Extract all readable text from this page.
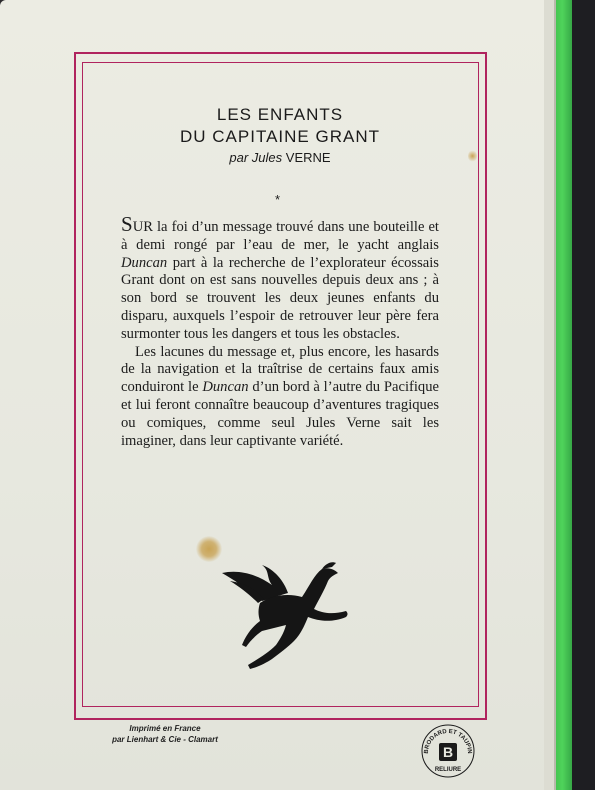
LES ENFANTS
DU CAPITAINE GRANT
par Jules VERNE
*

SUR la foi d’un message trouvé dans une bouteille et à demi rongé par l’eau de mer, le yacht anglais Duncan part à la recherche de l’explorateur écossais Grant dont on est sans nouvelles depuis deux ans ; à son bord se trouvent les deux jeunes enfants du disparu, auxquels l’espoir de retrouver leur père fera surmonter tous les dangers et tous les obstacles.

Les lacunes du message et, plus encore, les hasards de la navigation et la traîtrise de certains faux amis conduiront le Duncan d’un bord à l’autre du Pacifique et lui feront connaître beaucoup d’aventures tragiques ou comiques, comme seul Jules Verne sait les imaginer, dans leur captivante variété.

Imprimé en France
par Lienhart & Cie - Clamart
BRODARD ET TAUPIN
B
RELIURE
